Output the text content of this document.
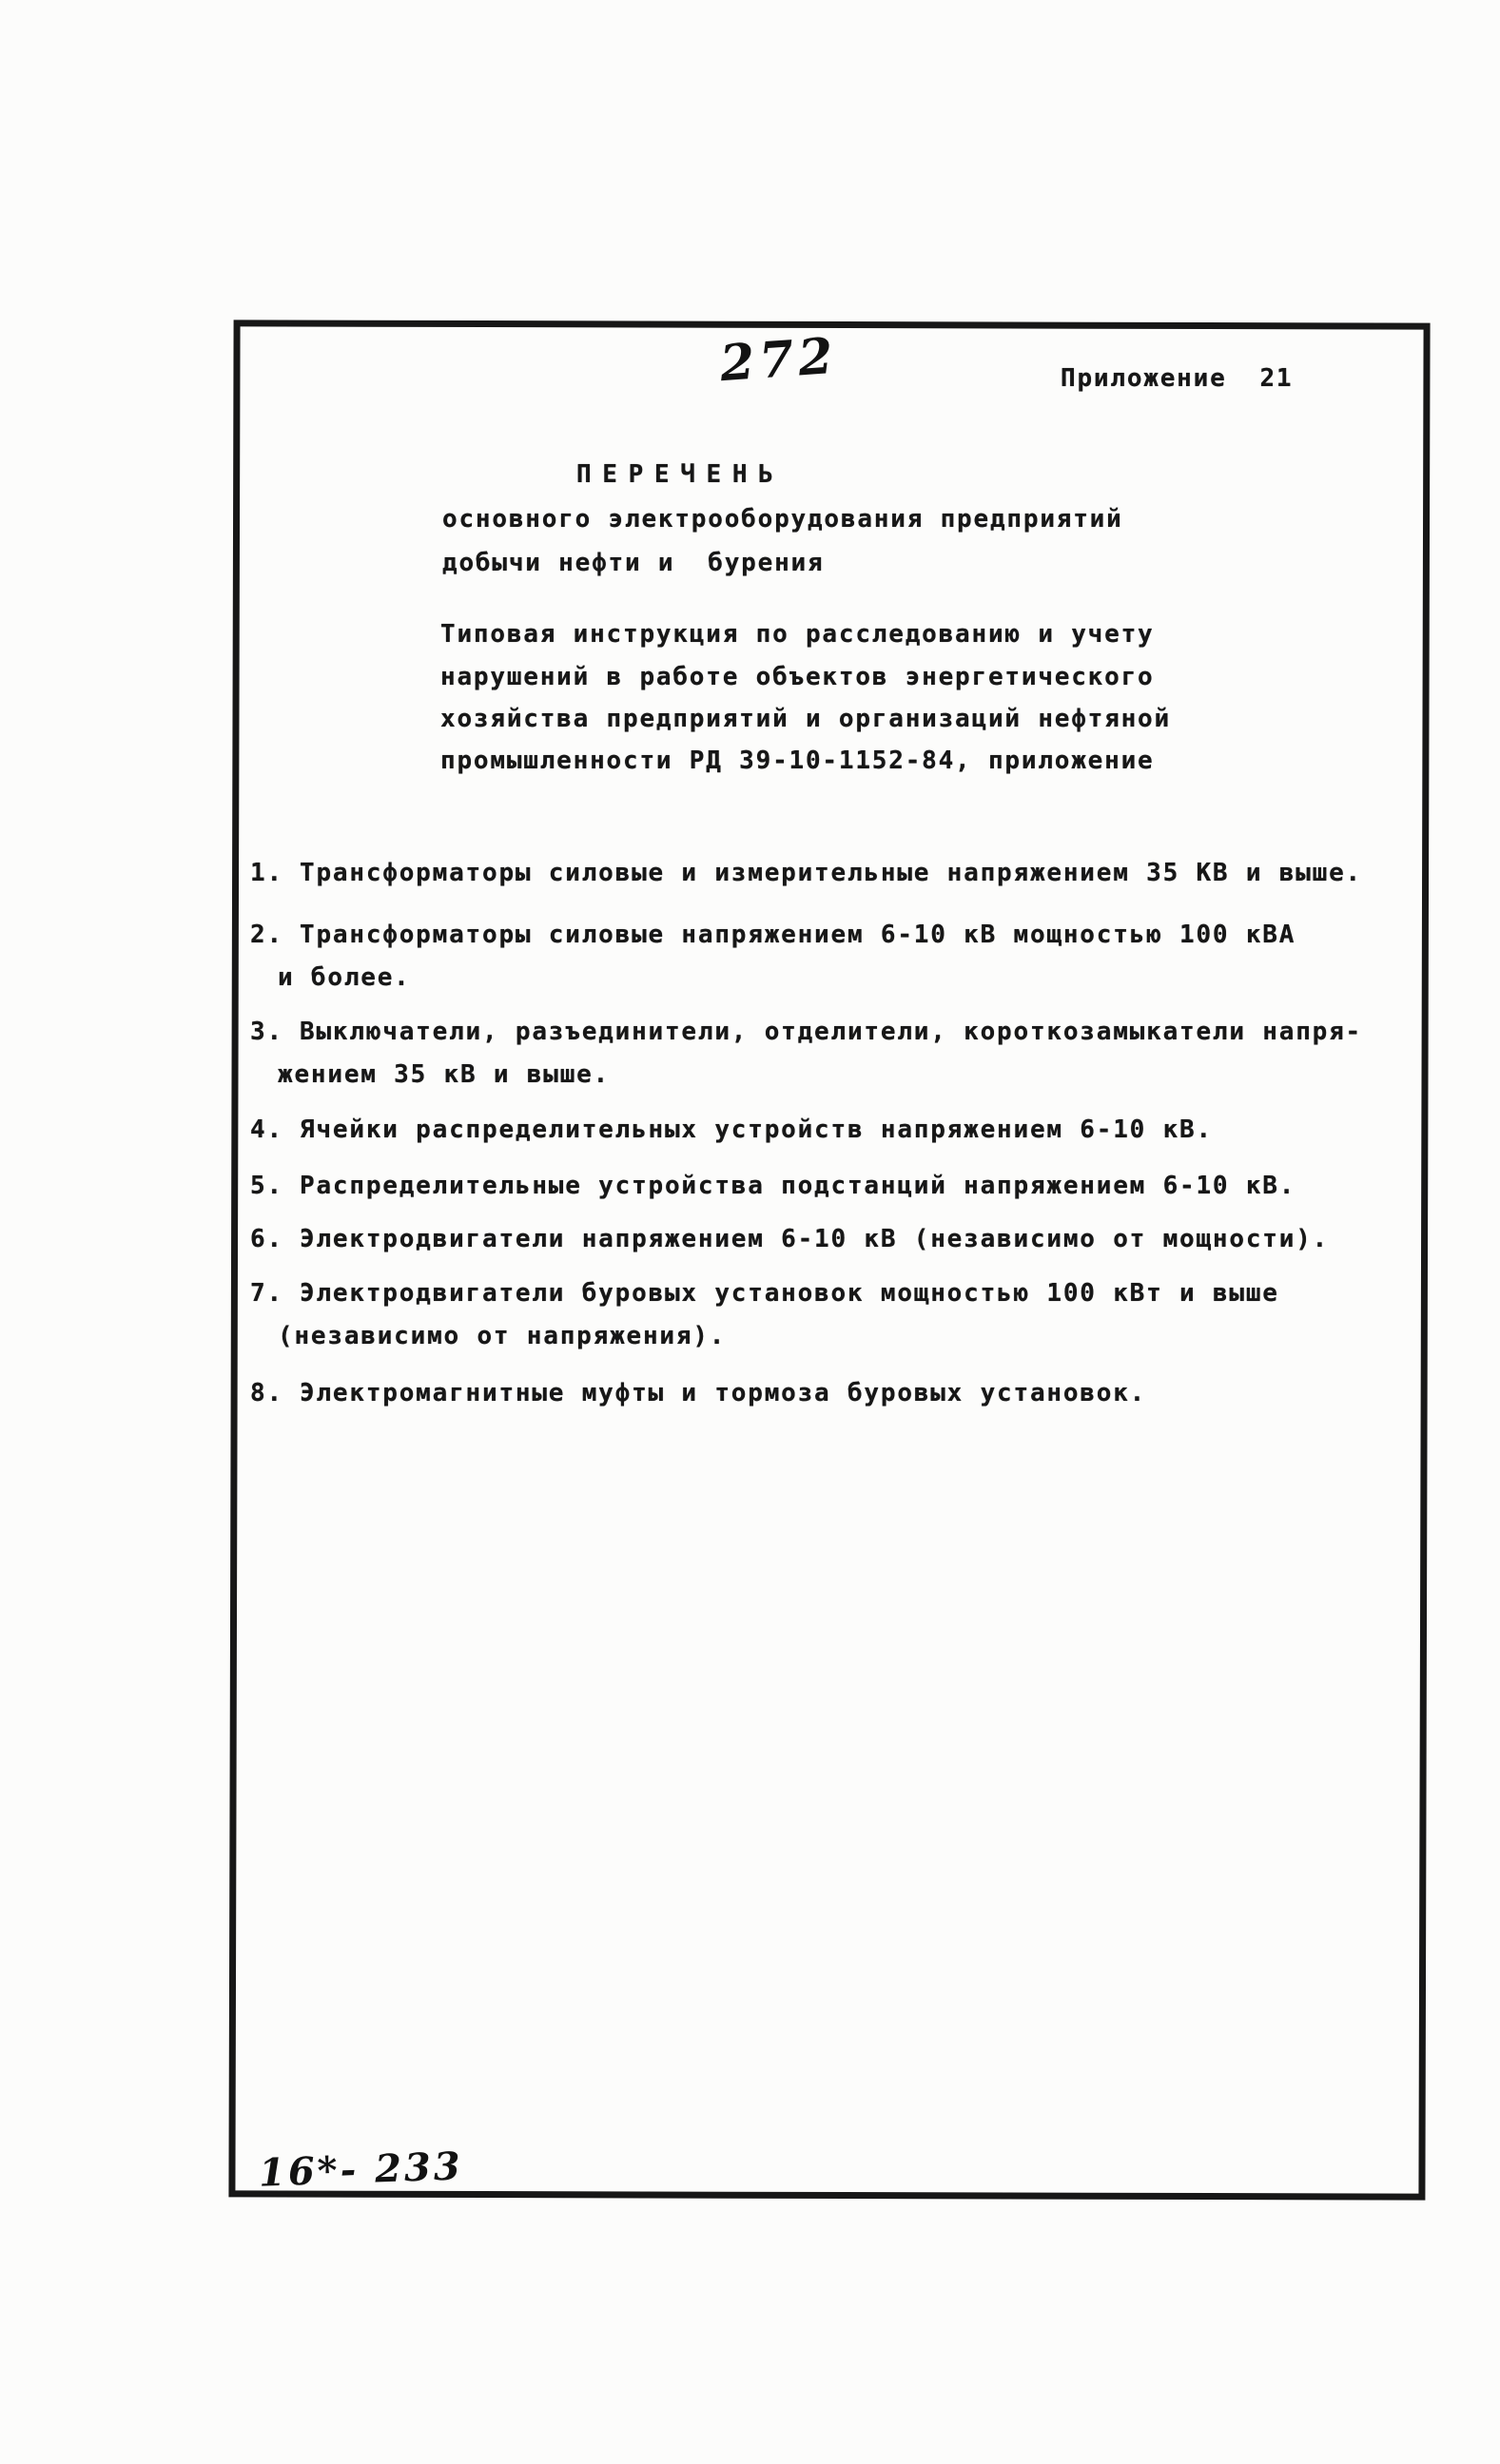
272	Приложение  21
П Е Р Е Ч Е Н Ь
основного электрооборудования предприятий
добычи нефти и  бурения
Типовая инструкция по расследованию и учету
нарушений в работе объектов энергетического
хозяйства предприятий и организаций нефтяной
промышленности РД 39-10-1152-84, приложение
1. Трансформаторы силовые и измерительные напряжением 35 КВ и выше.
2. Трансформаторы силовые напряжением 6-10 кВ мощностью 100 кВА
и более.
3. Выключатели, разъединители, отделители, короткозамыкатели напря-
жением 35 кВ и выше.
4. Ячейки распределительных устройств напряжением 6-10 кВ.
5. Распределительные устройства подстанций напряжением 6-10 кВ.
6. Электродвигатели напряжением 6-10 кВ (независимо от мощности).
7. Электродвигатели буровых установок мощностью 100 кВт и выше
(независимо от напряжения).
8. Электромагнитные муфты и тормоза буровых установок.
16*- 233
